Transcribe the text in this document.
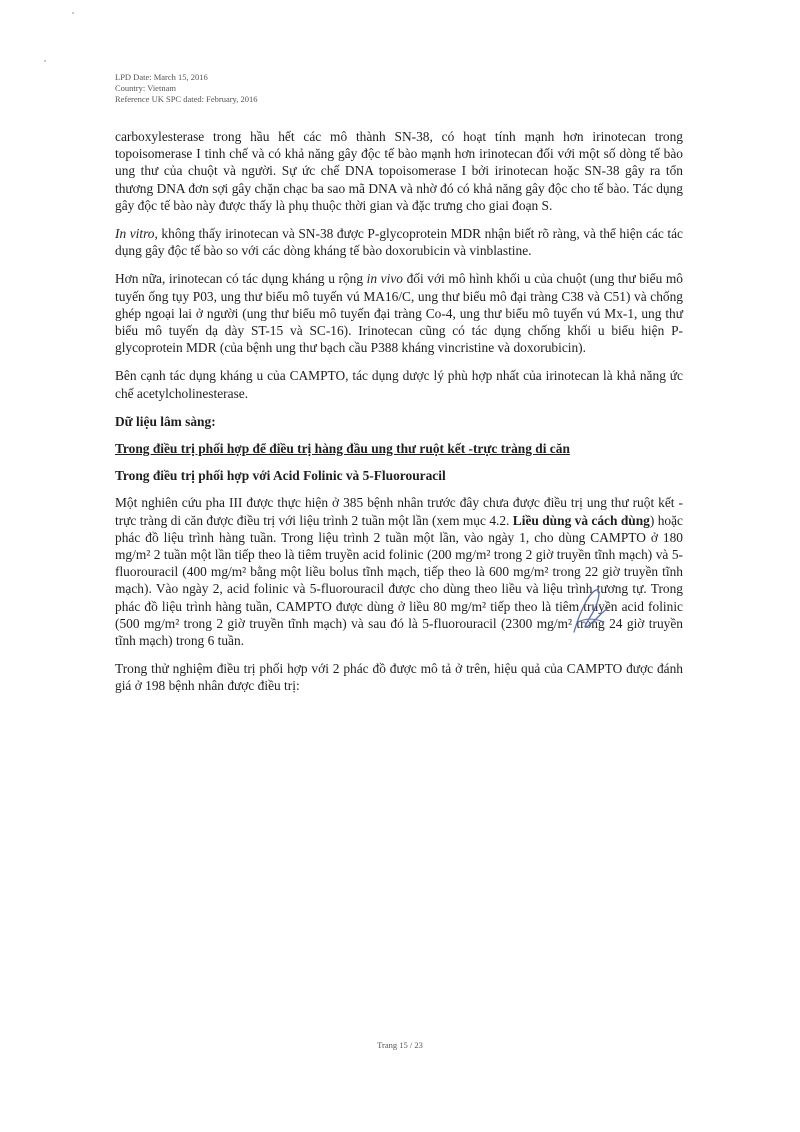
LPD Date: March 15, 2016
Country: Vietnam
Reference UK SPC dated: February, 2016

carboxylesterase trong hầu hết các mô thành SN-38, có hoạt tính mạnh hơn irinotecan trong topoisomerase I tinh chế và có khả năng gây độc tế bào mạnh hơn irinotecan đối với một số dòng tế bào ung thư của chuột và người. Sự ức chế DNA topoisomerase I bởi irinotecan hoặc SN-38 gây ra tổn thương DNA đơn sợi gây chặn chạc ba sao mã DNA và nhờ đó có khả năng gây độc cho tế bào. Tác dụng gây độc tế bào này được thấy là phụ thuộc thời gian và đặc trưng cho giai đoạn S.

In vitro, không thấy irinotecan và SN-38 được P-glycoprotein MDR nhận biết rõ ràng, và thể hiện các tác dụng gây độc tế bào so với các dòng kháng tế bào doxorubicin và vinblastine.

Hơn nữa, irinotecan có tác dụng kháng u rộng in vivo đối với mô hình khối u của chuột (ung thư biểu mô tuyến ống tụy P03, ung thư biểu mô tuyến vú MA16/C, ung thư biểu mô đại tràng C38 và C51) và chống ghép ngoại lai ở người (ung thư biểu mô tuyến đại tràng Co-4, ung thư biểu mô tuyến vú Mx-1, ung thư biểu mô tuyến dạ dày ST-15 và SC-16). Irinotecan cũng có tác dụng chống khối u biểu hiện P-glycoprotein MDR (của bệnh ung thư bạch cầu P388 kháng vincristine và doxorubicin).

Bên cạnh tác dụng kháng u của CAMPTO, tác dụng dược lý phù hợp nhất của irinotecan là khả năng ức chế acetylcholinesterase.

Dữ liệu lâm sàng:
Trong điều trị phối hợp để điều trị hàng đầu ung thư ruột kết -trực tràng di căn
Trong điều trị phối hợp với Acid Folinic và 5-Fluorouracil

Một nghiên cứu pha III được thực hiện ở 385 bệnh nhân trước đây chưa được điều trị ung thư ruột kết - trực tràng di căn được điều trị với liệu trình 2 tuần một lần (xem mục 4.2. Liều dùng và cách dùng) hoặc phác đồ liệu trình hàng tuần. Trong liệu trình 2 tuần một lần, vào ngày 1, cho dùng CAMPTO ở 180 mg/m² 2 tuần một lần tiếp theo là tiêm truyền acid folinic (200 mg/m² trong 2 giờ truyền tĩnh mạch) và 5-fluorouracil (400 mg/m² bằng một liều bolus tĩnh mạch, tiếp theo là 600 mg/m² trong 22 giờ truyền tĩnh mạch). Vào ngày 2, acid folinic và 5-fluorouracil được cho dùng theo liều và liệu trình tương tự. Trong phác đồ liệu trình hàng tuần, CAMPTO được dùng ở liều 80 mg/m² tiếp theo là tiêm truyền acid folinic (500 mg/m² trong 2 giờ truyền tĩnh mạch) và sau đó là 5-fluorouracil (2300 mg/m² trong 24 giờ truyền tĩnh mạch) trong 6 tuần.

Trong thử nghiệm điều trị phối hợp với 2 phác đồ được mô tả ở trên, hiệu quả của CAMPTO được đánh giá ở 198 bệnh nhân được điều trị:

Trang 15 / 23
